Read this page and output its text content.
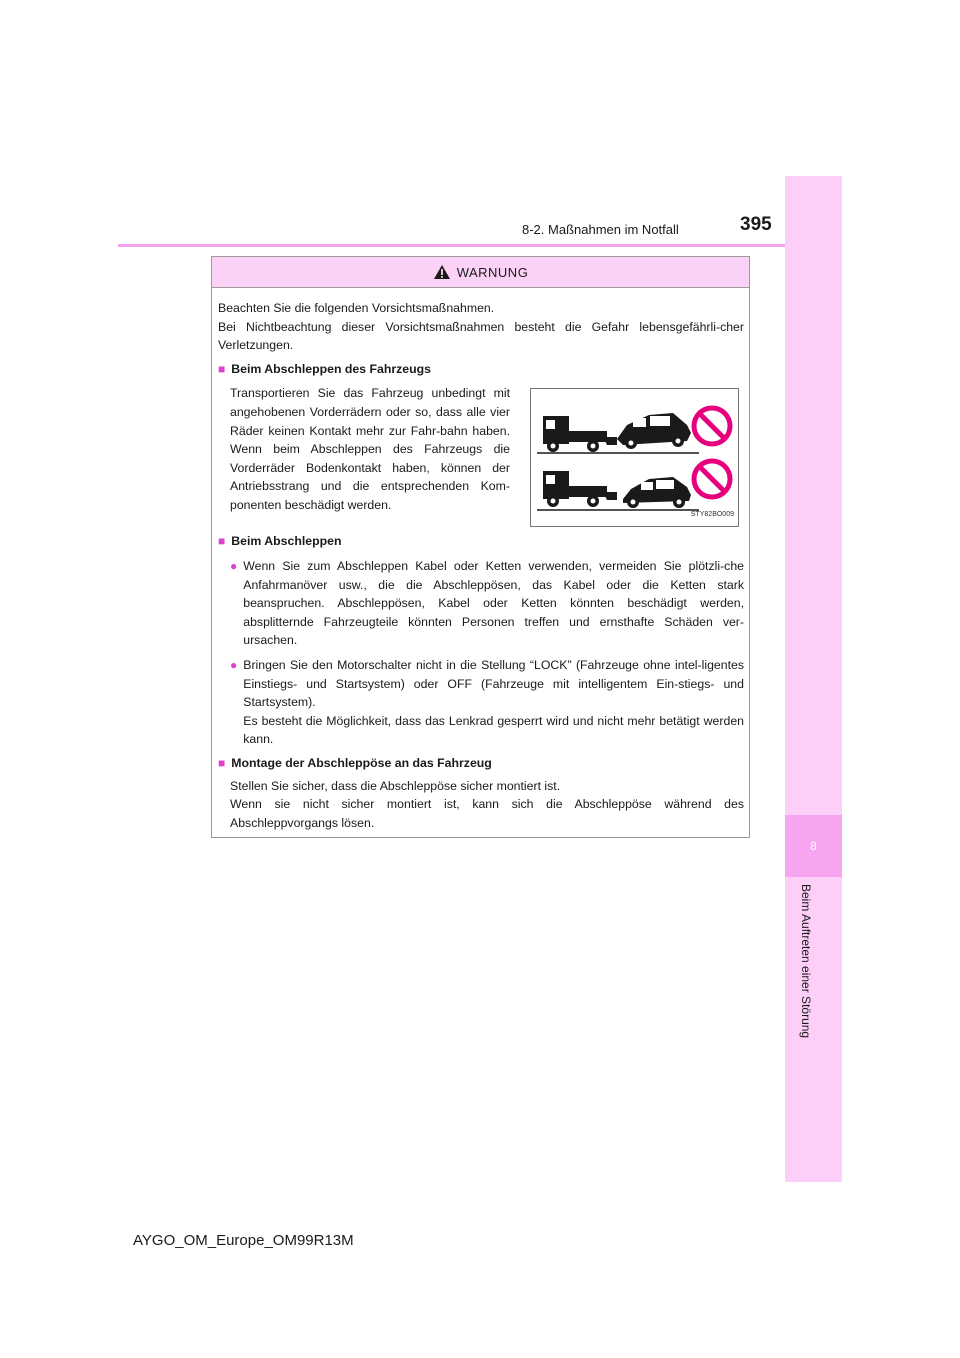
8-2. Maßnahmen im Notfall	395
8
Beim Auftreten einer Störung
WARNUNG

Beachten Sie die folgenden Vorsichtsmaßnahmen.

Bei Nichtbeachtung dieser Vorsichtsmaßnahmen besteht die Gefahr lebensgefährli-cher Verletzungen.

■ Beim Abschleppen des Fahrzeugs

Transportieren Sie das Fahrzeug unbedingt mit angehobenen Vorderrädern oder so, dass alle vier Räder keinen Kontakt mehr zur Fahr-bahn haben. Wenn beim Abschleppen des Fahrzeugs die Vorderräder Bodenkontakt haben, können der Antriebsstrang und die entsprechenden Kom-ponenten beschädigt werden.

STY82BO009

■ Beim Abschleppen

● Wenn Sie zum Abschleppen Kabel oder Ketten verwenden, vermeiden Sie plötzli-che Anfahrmanöver usw., die die Abschleppösen, das Kabel oder die Ketten stark beanspruchen. Abschleppösen, Kabel oder Ketten könnten beschädigt werden, absplitternde Fahrzeugteile könnten Personen treffen und ernsthafte Schäden ver-ursachen.

● Bringen Sie den Motorschalter nicht in die Stellung “LOCK” (Fahrzeuge ohne intel-ligentes Einstiegs- und Startsystem) oder OFF (Fahrzeuge mit intelligentem Ein-stiegs- und Startsystem).

Es besteht die Möglichkeit, dass das Lenkrad gesperrt wird und nicht mehr betätigt werden kann.

■ Montage der Abschleppöse an das Fahrzeug

Stellen Sie sicher, dass die Abschleppöse sicher montiert ist.

Wenn sie nicht sicher montiert ist, kann sich die Abschleppöse während des Abschleppvorgangs lösen.

AYGO_OM_Europe_OM99R13M
